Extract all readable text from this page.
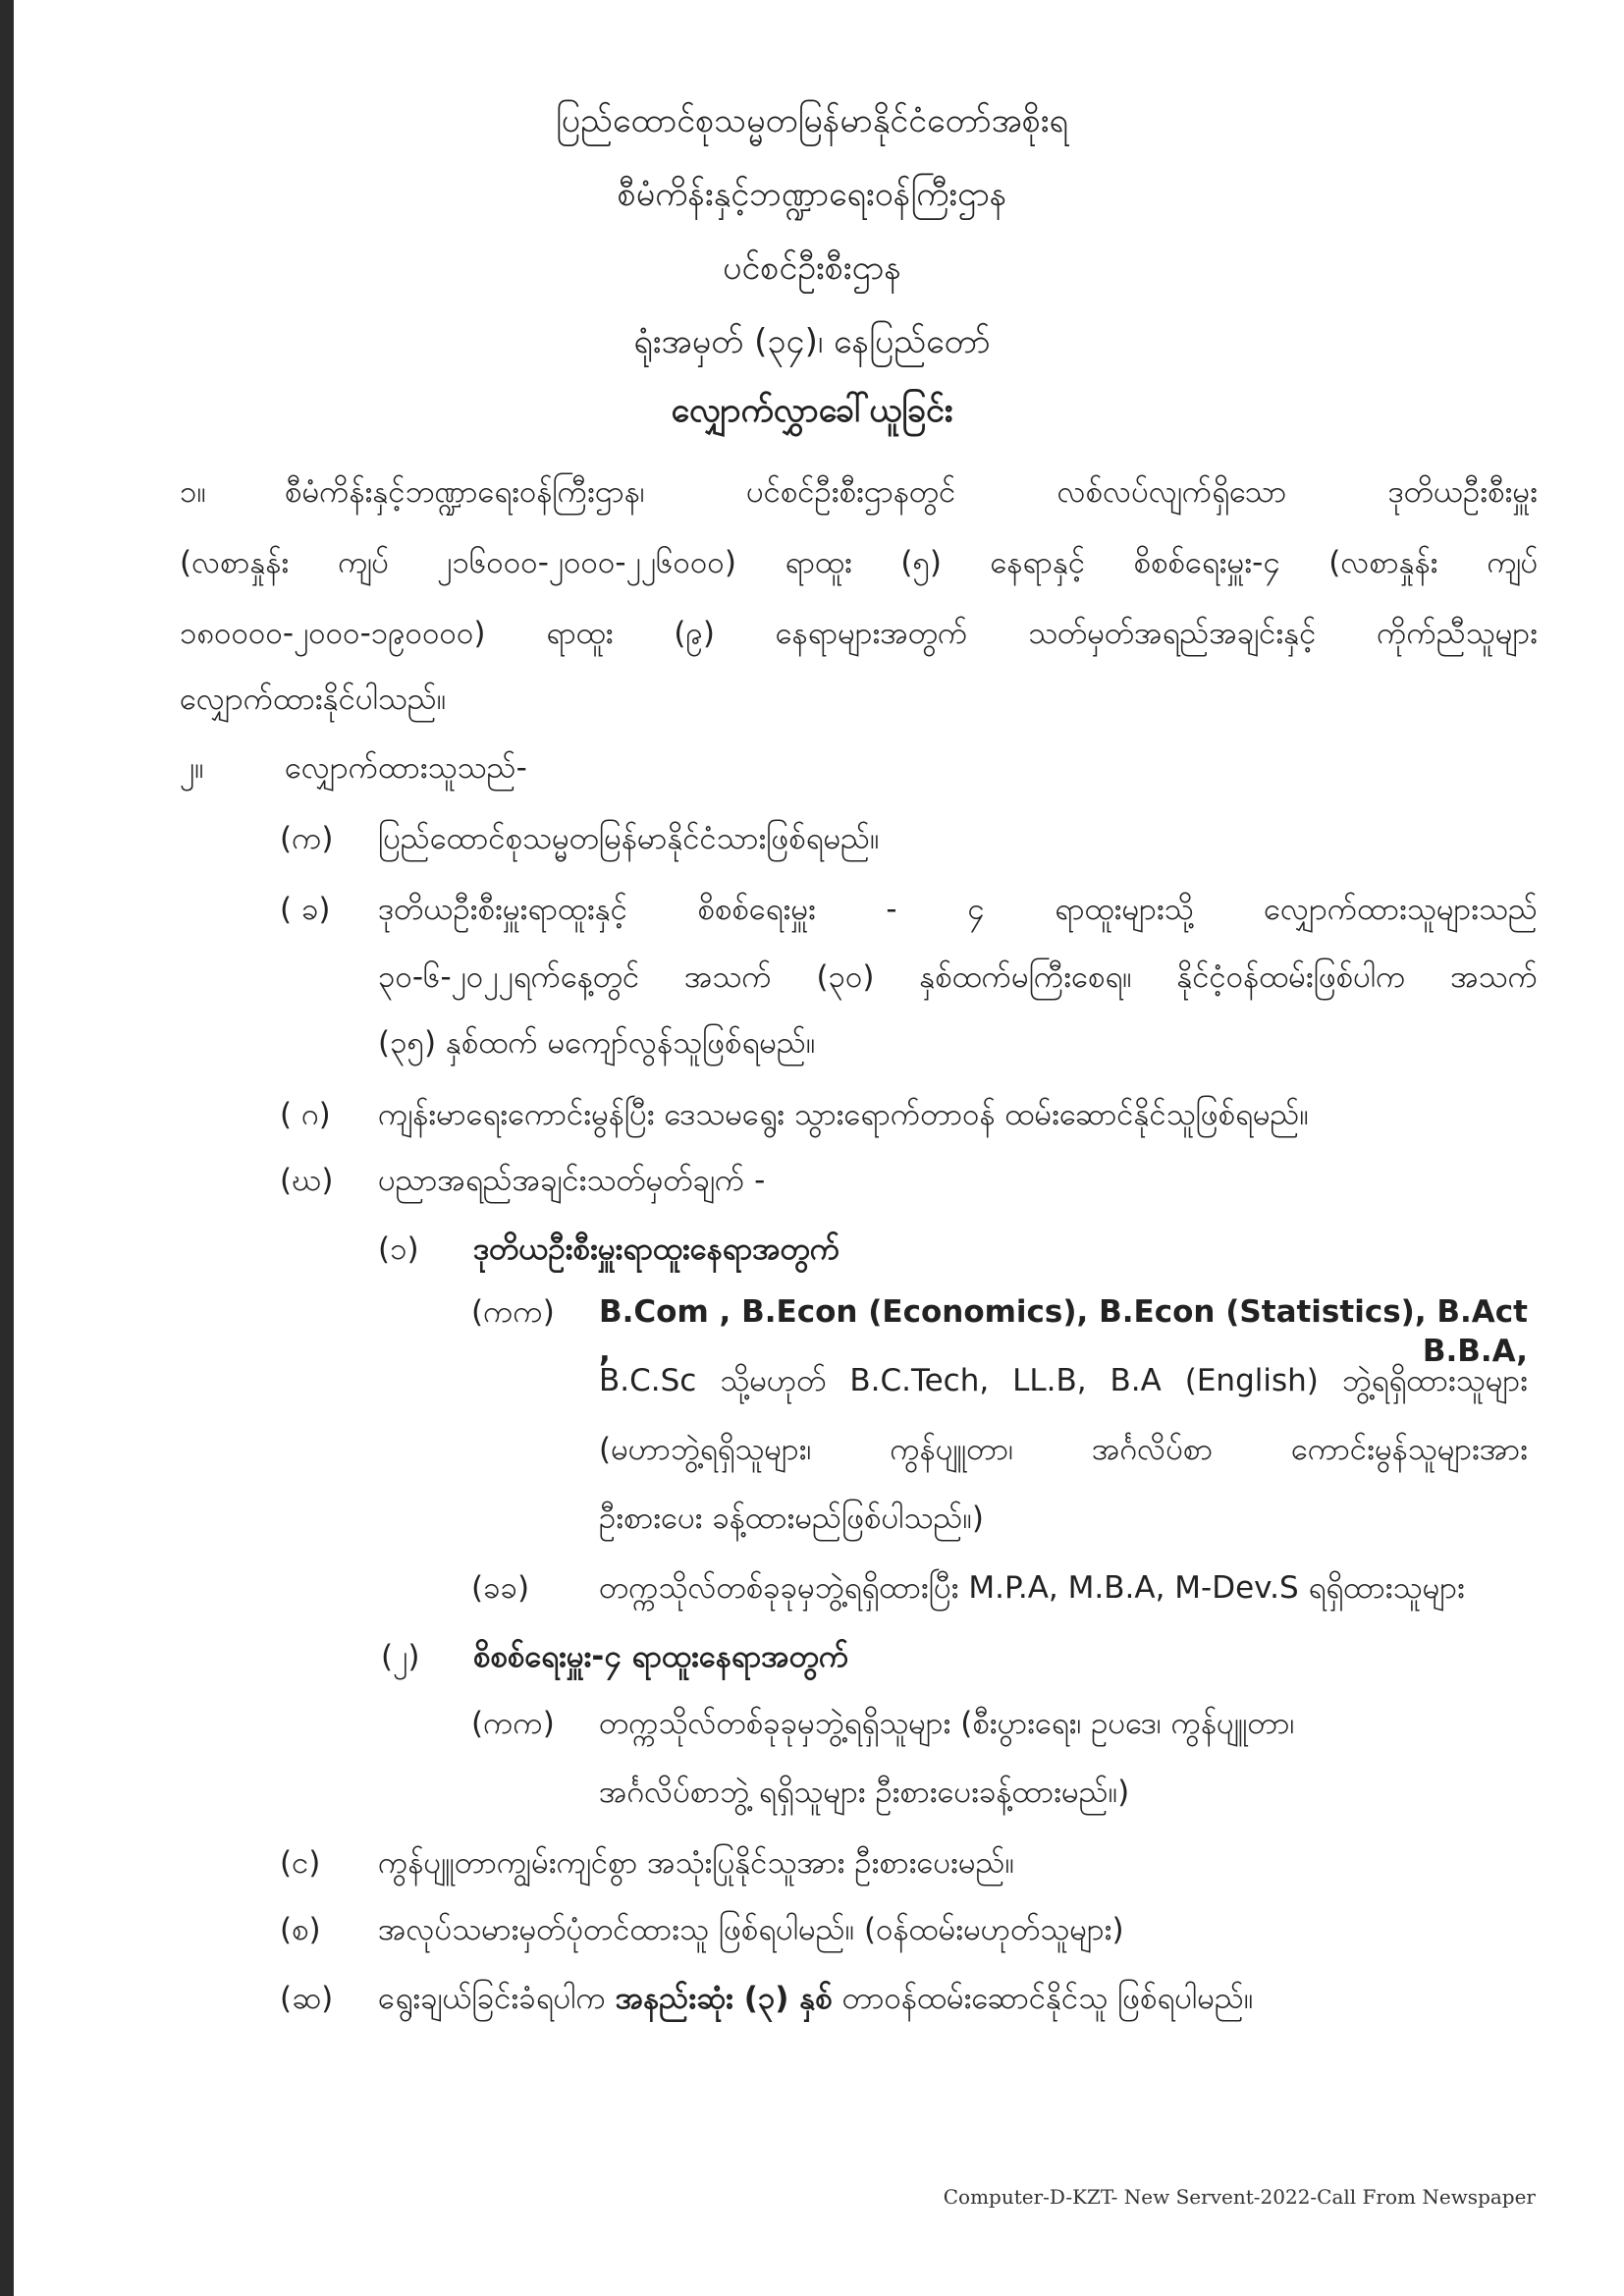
ပြည်ထောင်စုသမ္မတမြန်မာနိုင်ငံတော်အစိုးရ
စီမံကိန်းနှင့်ဘဏ္ဍာရေးဝန်ကြီးဌာန
ပင်စင်ဦးစီးဌာန
ရုံးအမှတ် (၃၄)၊ နေပြည်တော်
လျှောက်လွှာခေါ်ယူခြင်း
၁။	စီမံကိန်းနှင့်ဘဏ္ဍာရေးဝန်ကြီးဌာန၊ ပင်စင်ဦးစီးဌာနတွင် လစ်လပ်လျက်ရှိသော ဒုတိယဦးစီးမှူး
(လစာနှုန်း ကျပ် ၂၁၆၀၀၀-၂၀၀၀-၂၂၆၀၀၀) ရာထူး (၅) နေရာနှင့် စိစစ်ရေးမှူး-၄ (လစာနှုန်း ကျပ်
၁၈၀၀၀၀-၂၀၀၀-၁၉၀၀၀၀) ရာထူး (၉) နေရာများအတွက် သတ်မှတ်အရည်အချင်းနှင့် ကိုက်ညီသူများ
လျှောက်ထားနိုင်ပါသည်။
၂။	လျှောက်ထားသူသည်-
(က) ပြည်ထောင်စုသမ္မတမြန်မာနိုင်ငံသားဖြစ်ရမည်။
( ခ) ဒုတိယဦးစီးမှူးရာထူးနှင့် စိစစ်ရေးမှူး - ၄ ရာထူးများသို့ လျှောက်ထားသူများသည်
၃၀-၆-၂၀၂၂ရက်နေ့တွင် အသက် (၃၀) နှစ်ထက်မကြီးစေရ။ နိုင်ငံ့ဝန်ထမ်းဖြစ်ပါက အသက်
(၃၅) နှစ်ထက် မကျော်လွန်သူဖြစ်ရမည်။
( ဂ) ကျန်းမာရေးကောင်းမွန်ပြီး ဒေသမရွေး သွားရောက်တာဝန် ထမ်းဆောင်နိုင်သူဖြစ်ရမည်။
(ဃ) ပညာအရည်အချင်းသတ်မှတ်ချက် -
(၁) ဒုတိယဦးစီးမှူးရာထူးနေရာအတွက်
(ကက) B.Com , B.Econ (Economics), B.Econ (Statistics), B.Act , B.B.A,
B.C.Sc သို့မဟုတ် B.C.Tech, LL.B, B.A (English) ဘွဲ့ရရှိထားသူများ
(မဟာဘွဲ့ရရှိသူများ၊ ကွန်ပျူတာ၊ အင်္ဂလိပ်စာ ကောင်းမွန်သူများအား
ဦးစားပေး ခန့်ထားမည်ဖြစ်ပါသည်။)
(ခခ) တက္ကသိုလ်တစ်ခုခုမှဘွဲ့ရရှိထားပြီး M.P.A, M.B.A, M-Dev.S ရရှိထားသူများ
(၂) စိစစ်ရေးမှူး-၄ ရာထူးနေရာအတွက်
(ကက) တက္ကသိုလ်တစ်ခုခုမှဘွဲ့ရရှိသူများ (စီးပွားရေး၊ ဥပဒေ၊ ကွန်ပျူတာ၊
အင်္ဂလိပ်စာဘွဲ့ ရရှိသူများ ဦးစားပေးခန့်ထားမည်။)
(င) ကွန်ပျူတာကျွမ်းကျင်စွာ အသုံးပြုနိုင်သူအား ဦးစားပေးမည်။
(စ) အလုပ်သမားမှတ်ပုံတင်ထားသူ ဖြစ်ရပါမည်။ (ဝန်ထမ်းမဟုတ်သူများ)
(ဆ) ရွေးချယ်ခြင်းခံရပါက အနည်းဆုံး (၃) နှစ် တာဝန်ထမ်းဆောင်နိုင်သူ ဖြစ်ရပါမည်။
Computer-D-KZT- New Servent-2022-Call From Newspaper
